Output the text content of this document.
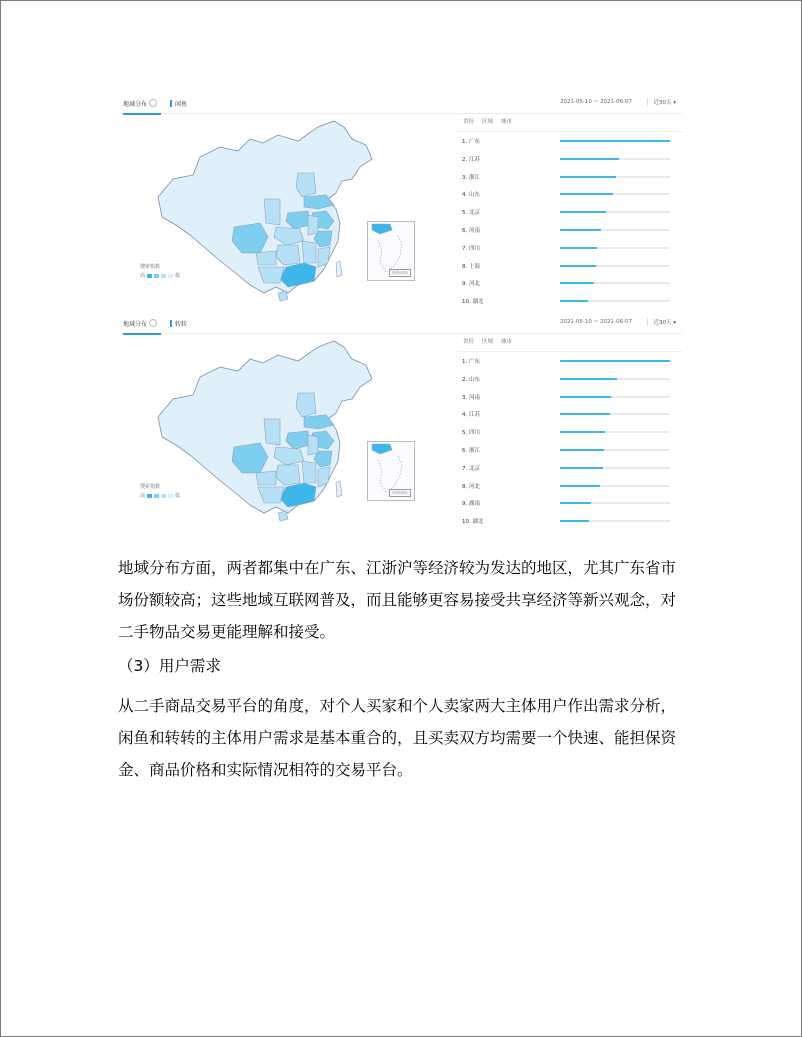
地域分布	闲鱼	2021-05-10 ~ 2021-06-07	近30天 ▾
搜索指数
高	低
南海诸岛
省份 区域 城市
1. 广东
2. 江苏
3. 浙江
4. 山东
5. 北京
6. 河南
7. 四川
8. 上海
9. 河北
10. 湖北
地域分布	转转	2021-05-10 ~ 2021-06-07	近30天 ▾
搜索指数
高	低
南海诸岛
省份 区域 城市
1. 广东
2. 山东
3. 河南
4. 江苏
5. 四川
6. 浙江
7. 北京
8. 河北
9. 湖南
10. 湖北
地域分布方面，两者都集中在广东、江浙沪等经济较为发达的地区，尤其广东省市场份额较高；这些地域互联网普及，而且能够更容易接受共享经济等新兴观念，对二手物品交易更能理解和接受。
（3）用户需求
从二手商品交易平台的角度，对个人买家和个人卖家两大主体用户作出需求分析，闲鱼和转转的主体用户需求是基本重合的，且买卖双方均需要一个快速、能担保资金、商品价格和实际情况相符的交易平台。
